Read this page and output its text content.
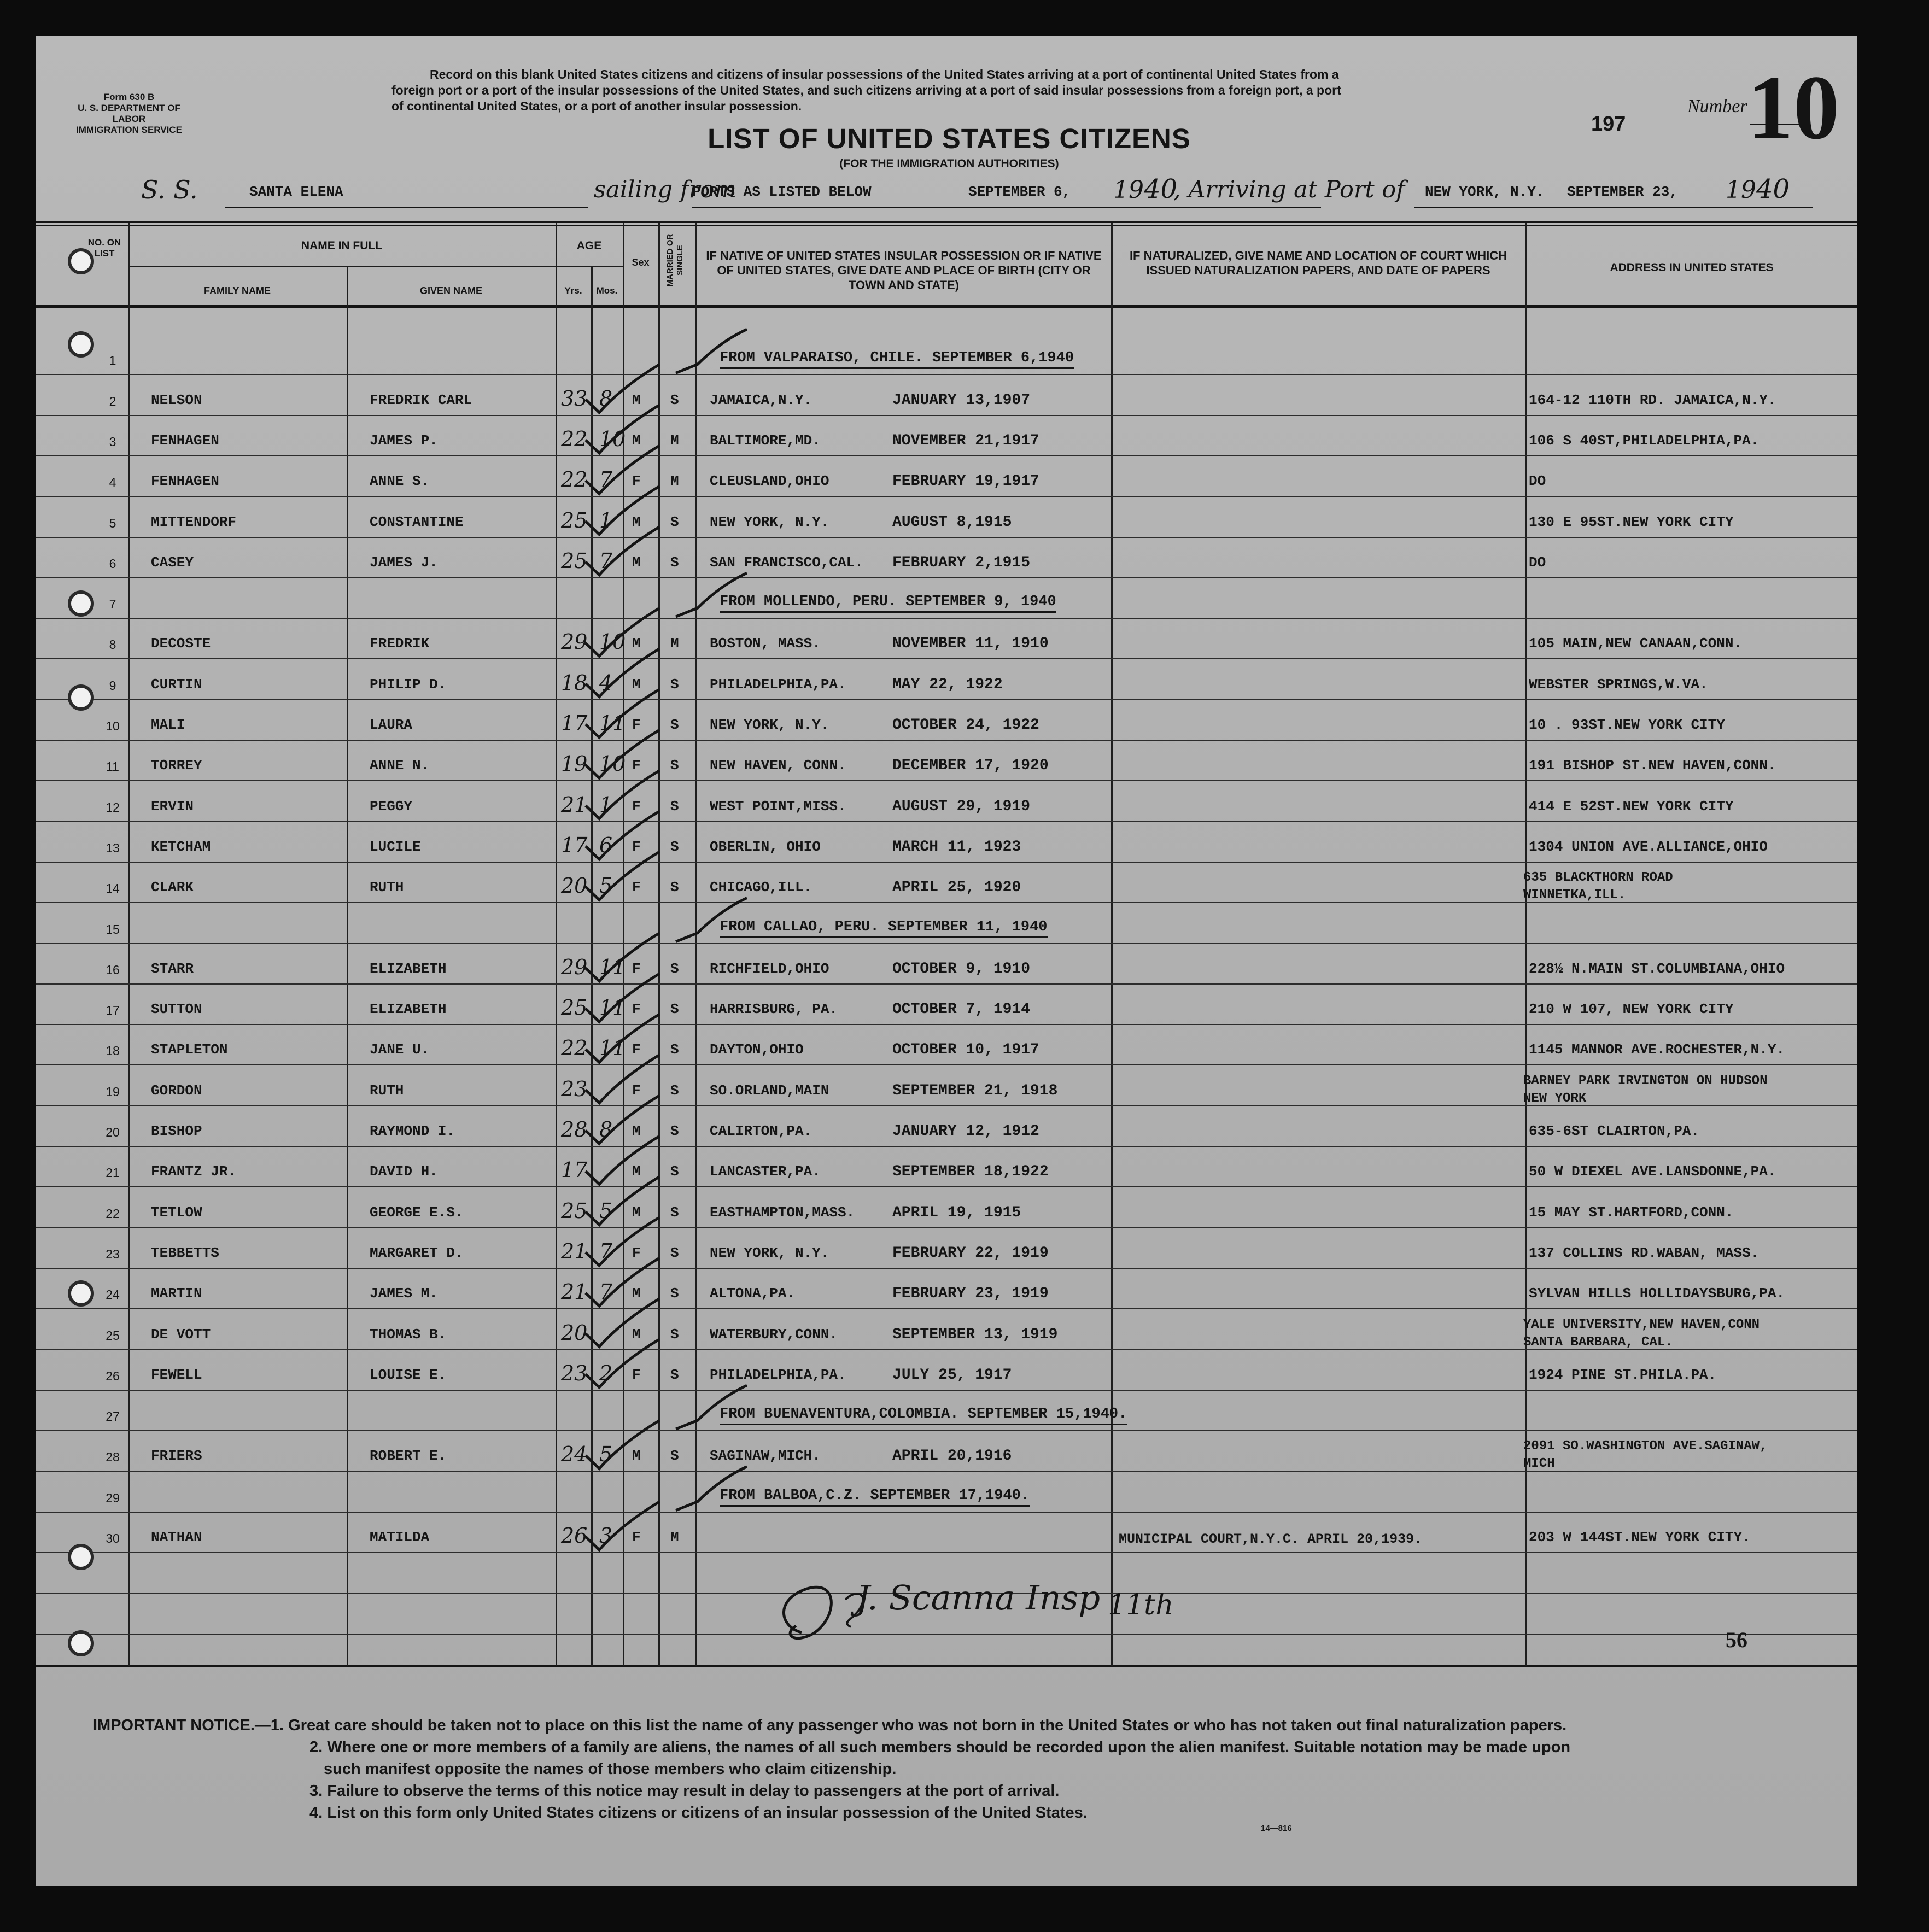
Form 630 B
U. S. DEPARTMENT OF LABOR
IMMIGRATION SERVICE
Record on this blank United States citizens and citizens of insular possessions of the United States arriving at a port of continental United States from a
foreign port or a port of the insular possessions of the United States, and such citizens arriving at a port of said insular possessions from a foreign port, a port
of continental United States, or a port of another insular possession.
LIST OF UNITED STATES CITIZENS
(FOR THE IMMIGRATION AUTHORITIES)
197
Number 10
S. S.	SANTA ELENA	sailing from
PORTS AS LISTED BELOW	SEPTEMBER 6, 1940
, Arriving at Port of NEW YORK, N.Y. SEPTEMBER 23, 1940
NO. ON LIST
NAME IN FULL
FAMILY NAME	GIVEN NAME
AGE
Yrs.	Mos.
Sex	MARRIED OR SINGLE	IF NATIVE OF UNITED STATES INSULAR POSSESSION OR IF NATIVE OF UNITED STATES, GIVE DATE AND PLACE OF BIRTH (CITY OR TOWN AND STATE)
IF NATURALIZED, GIVE NAME AND LOCATION OF COURT WHICH ISSUED NATURALIZATION PAPERS, AND DATE OF PAPERS	ADDRESS IN UNITED STATES
1	FROM VALPARAISO, CHILE. SEPTEMBER 6,1940
2	NELSON	FREDRIK CARL	33 8 M S JAMAICA,N.Y.	JANUARY 13,1907	164-12 110TH RD. JAMAICA,N.Y.
3	FENHAGEN	JAMES P.	22 10 M M BALTIMORE,MD.	NOVEMBER 21,1917	106 S 40ST,PHILADELPHIA,PA.
4	FENHAGEN	ANNE S.	22 7 F M CLEUSLAND,OHIO	FEBRUARY 19,1917	DO
5	MITTENDORF	CONSTANTINE	25 1 M S NEW YORK, N.Y.	AUGUST 8,1915	130 E 95ST.NEW YORK CITY
6	CASEY	JAMES J.	25 7 M S SAN FRANCISCO,CAL. FEBRUARY 2,1915	DO
7	FROM MOLLENDO, PERU. SEPTEMBER 9, 1940
8	DECOSTE	FREDRIK	29 10 M M BOSTON, MASS.	NOVEMBER 11, 1910	105 MAIN,NEW CANAAN,CONN.
9	CURTIN	PHILIP D.	18 4 M S PHILADELPHIA,PA.	MAY 22, 1922	WEBSTER SPRINGS,W.VA.
10	MALI	LAURA	17 11 F S NEW YORK, N.Y.	OCTOBER 24, 1922	10 . 93ST.NEW YORK CITY
11	TORREY	ANNE N.	19 10 F S NEW HAVEN, CONN.	DECEMBER 17, 1920	191 BISHOP ST.NEW HAVEN,CONN.
12	ERVIN	PEGGY	21 1 F S WEST POINT,MISS.	AUGUST 29, 1919	414 E 52ST.NEW YORK CITY
13	KETCHAM	LUCILE	17 6 F S OBERLIN, OHIO	MARCH 11, 1923	1304 UNION AVE.ALLIANCE,OHIO
14	CLARK	RUTH	20 5 F S CHICAGO,ILL.	APRIL 25, 1920
635 BLACKTHORN ROAD
WINNETKA,ILL.
15	FROM CALLAO, PERU. SEPTEMBER 11, 1940
16	STARR	ELIZABETH	29 11 F S RICHFIELD,OHIO	OCTOBER 9, 1910	228½ N.MAIN ST.COLUMBIANA,OHIO
17	SUTTON	ELIZABETH	25 11 F S HARRISBURG, PA.	OCTOBER 7, 1914	210 W 107, NEW YORK CITY
18	STAPLETON	JANE U.	22 11 F S DAYTON,OHIO	OCTOBER 10, 1917	1145 MANNOR AVE.ROCHESTER,N.Y.
19	GORDON	RUTH	23	F S SO.ORLAND,MAIN	SEPTEMBER 21, 1918
BARNEY PARK IRVINGTON ON HUDSON
NEW YORK
20	BISHOP	RAYMOND I.	28 8 M S CALIRTON,PA.	JANUARY 12, 1912	635-6ST CLAIRTON,PA.
21	FRANTZ JR.	DAVID H.	17	M S LANCASTER,PA.	SEPTEMBER 18,1922	50 W DIEXEL AVE.LANSDONNE,PA.
22	TETLOW	GEORGE E.S.	25 5 M S EASTHAMPTON,MASS. APRIL 19, 1915	15 MAY ST.HARTFORD,CONN.
23	TEBBETTS	MARGARET D.	21 7 F S NEW YORK, N.Y.	FEBRUARY 22, 1919	137 COLLINS RD.WABAN, MASS.
24	MARTIN	JAMES M.	21 7 M S ALTONA,PA.	FEBRUARY 23, 1919	SYLVAN HILLS HOLLIDAYSBURG,PA.
25	DE VOTT	THOMAS B.	20	M S WATERBURY,CONN.	SEPTEMBER 13, 1919
YALE UNIVERSITY,NEW HAVEN,CONN
SANTA BARBARA, CAL.
26	FEWELL	LOUISE E.	23 2 F S PHILADELPHIA,PA.	JULY 25, 1917	1924 PINE ST.PHILA.PA.
27	FROM BUENAVENTURA,COLOMBIA. SEPTEMBER 15,1940.
28	FRIERS	ROBERT E.	24 5 M S SAGINAW,MICH.	APRIL 20,1916
2091 SO.WASHINGTON AVE.SAGINAW,
MICH
29	FROM BALBOA,C.Z. SEPTEMBER 17,1940.
30	NATHAN	MATILDA	26 3 F M	MUNICIPAL COURT,N.Y.C. APRIL 20,1939.	203 W 144ST.NEW YORK CITY.
J. Scanna Insp 11th
56
IMPORTANT NOTICE.—1. Great care should be taken not to place on this list the name of any passenger who was not born in the United States or who has not taken out final naturalization papers.
2. Where one or more members of a family are aliens, the names of all such members should be recorded upon the alien manifest. Suitable notation may be made upon
such manifest opposite the names of those members who claim citizenship.
3. Failure to observe the terms of this notice may result in delay to passengers at the port of arrival.
4. List on this form only United States citizens or citizens of an insular possession of the United States.
14—816
